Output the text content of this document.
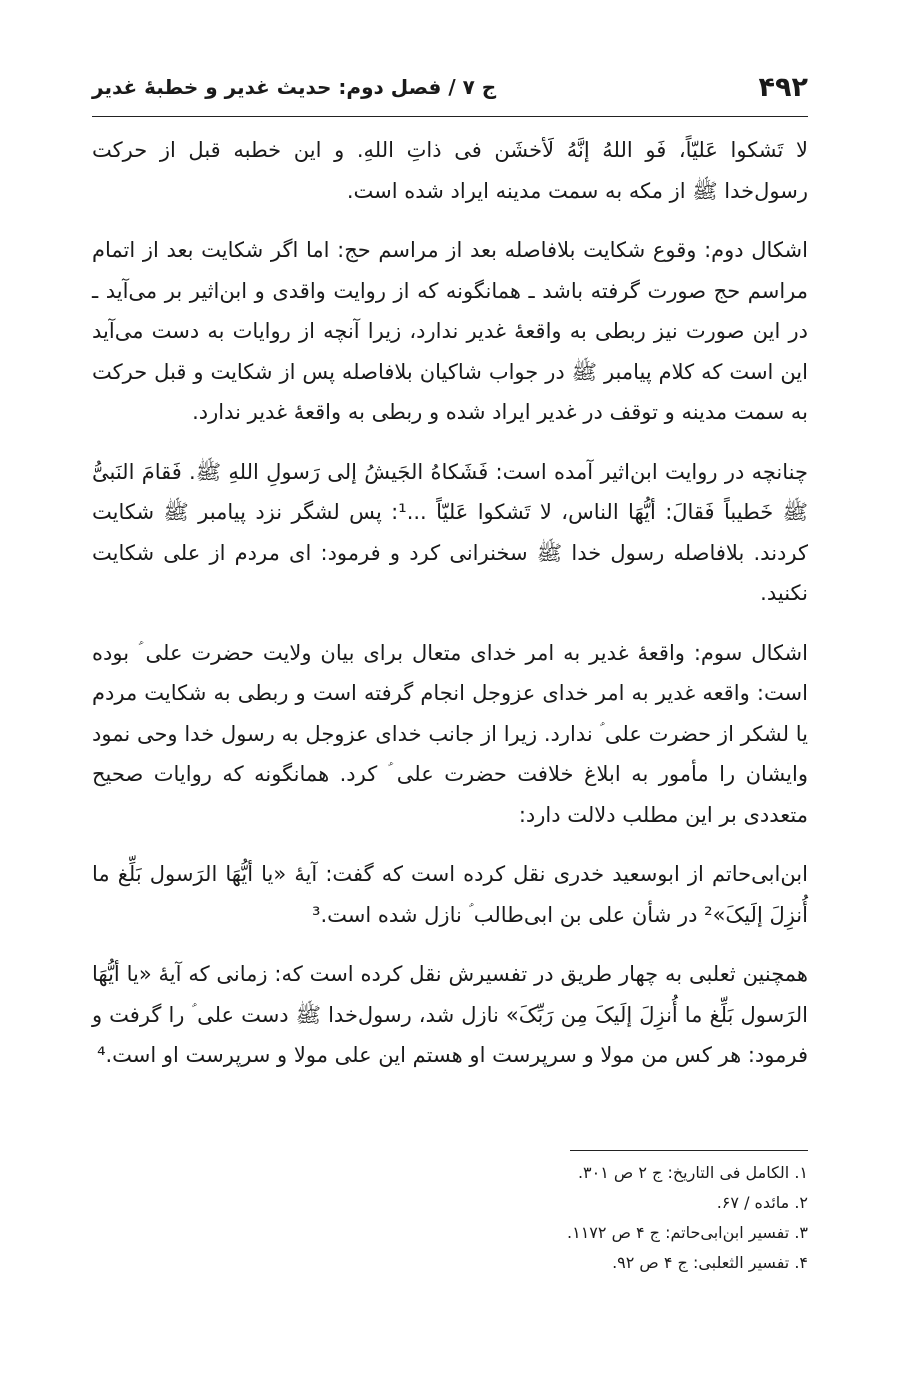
۴۹۲
ج ۷ / فصل دوم: حدیث غدیر و خطبهٔ غدیر

لا تَشکوا عَلیّاً، فَو اللهُ إنَّهُ لَأخشَن فی ذاتِ اللهِ. و این خطبه قبل از حرکت رسول‌خدا ﷺ از مکه به سمت مدینه ایراد شده است.

اشکال دوم: وقوع شکایت بلافاصله بعد از مراسم حج: اما اگر شکایت بعد از اتمام مراسم حج صورت گرفته باشد ـ همانگونه که از روایت واقدی و ابن‌اثیر بر می‌آید ـ در این صورت نیز ربطی به واقعهٔ غدیر ندارد، زیرا آنچه از روایات به دست می‌آید این است که کلام پیامبر ﷺ در جواب شاکیان بلافاصله پس از شکایت و قبل حرکت به سمت مدینه و توقف در غدیر ایراد شده و ربطی به واقعهٔ غدیر ندارد.

چنانچه در روایت ابن‌اثیر آمده است: فَشَکاهُ الجَیشُ إلی رَسولِ اللهِ ﷺ. فَقامَ النَبیُّ ﷺ خَطیباً فَقالَ: أیُّهَا الناس، لا تَشکوا عَلیّاً ...¹: پس لشگر نزد پیامبر ﷺ شکایت کردند. بلافاصله رسول خدا ﷺ سخنرانی کرد و فرمود: ای مردم از علی شکایت نکنید.

اشکال سوم: واقعهٔ غدیر به امر خدای متعال برای بیان ولایت حضرت علی ؑ بوده است: واقعه غدیر به امر خدای عزوجل انجام گرفته است و ربطی به شکایت مردم یا لشکر از حضرت علی ؑ ندارد. زیرا از جانب خدای عزوجل به رسول خدا وحی نمود وایشان را مأمور به ابلاغ خلافت حضرت علی ؑ کرد. همانگونه که روایات صحیح متعددی بر این مطلب دلالت دارد:

ابن‌ابی‌حاتم از ابوسعید خدری نقل کرده است که گفت: آیهٔ «یا أیُّهَا الرَسول بَلِّغ ما أُنزِلَ إلَیکَ»² در شأن علی بن ابی‌طالب ؑ نازل شده است.³

همچنین ثعلبی به چهار طریق در تفسیرش نقل کرده است که: زمانی که آیهٔ «یا أیُّهَا الرَسول بَلِّغ ما أُنزِلَ إلَیکَ مِن رَبِّکَ» نازل شد، رسول‌خدا ﷺ دست علی ؑ را گرفت و فرمود: هر کس من مولا و سرپرست او هستم این علی مولا و سرپرست او است.⁴

۱. الکامل فی التاریخ: ج ۲ ص ۳۰۱.
۲. مائده / ۶۷.
۳. تفسیر ابن‌ابی‌حاتم: ج ۴ ص ۱۱۷۲.
۴. تفسیر الثعلبی: ج ۴ ص ۹۲.
